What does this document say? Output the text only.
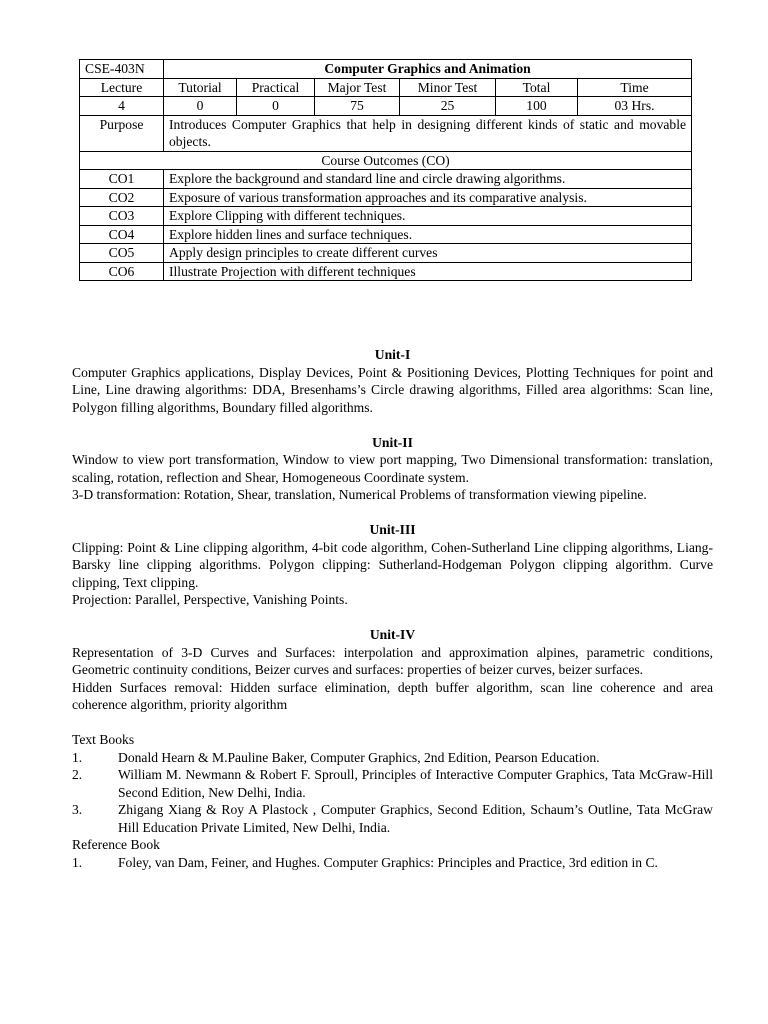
CSE-403N	Computer Graphics and Animation					
Lecture	Tutorial	Practical	Major Test	Minor Test	Total	Time
4	0	0	75	25	100	03 Hrs.
Purpose	Introduces Computer Graphics that help in designing different kinds of static and movable objects.					
Course Outcomes (CO)						
CO1	Explore the background and standard line and circle drawing algorithms.					
CO2	Exposure of various transformation approaches and its comparative analysis.					
CO3	Explore Clipping with different techniques.					
CO4	Explore hidden lines and surface techniques.					
CO5	Apply design principles to create different curves					
CO6	Illustrate Projection with different techniques					

Unit-I

Computer Graphics applications, Display Devices, Point & Positioning Devices, Plotting Techniques for point and Line, Line drawing algorithms: DDA, Bresenhams’s Circle drawing algorithms, Filled area algorithms: Scan line, Polygon filling algorithms, Boundary filled algorithms.

Unit-II

Window to view port transformation, Window to view port mapping, Two Dimensional transformation: translation, scaling, rotation, reflection and Shear, Homogeneous Coordinate system.

3-D transformation: Rotation, Shear, translation, Numerical Problems of transformation viewing pipeline.

Unit-III

Clipping: Point & Line clipping algorithm, 4-bit code algorithm, Cohen-Sutherland Line clipping algorithms, Liang-Barsky line clipping algorithms. Polygon clipping: Sutherland-Hodgeman Polygon clipping algorithm. Curve clipping, Text clipping.

Projection: Parallel, Perspective, Vanishing Points.

Unit-IV

Representation of 3-D Curves and Surfaces: interpolation and approximation alpines, parametric conditions, Geometric continuity conditions, Beizer curves and surfaces: properties of beizer curves, beizer surfaces.

Hidden Surfaces removal: Hidden surface elimination, depth buffer algorithm, scan line coherence and area coherence algorithm, priority algorithm

Text Books

1.	Donald Hearn & M.Pauline Baker, Computer Graphics, 2nd Edition, Pearson Education.
2.	William M. Newmann & Robert F. Sproull, Principles of Interactive Computer Graphics, Tata McGraw-Hill Second Edition, New Delhi, India.
3.	Zhigang Xiang & Roy A Plastock , Computer Graphics, Second Edition, Schaum’s Outline, Tata McGraw Hill Education Private Limited, New Delhi, India.

Reference Book

1.	Foley, van Dam, Feiner, and Hughes. Computer Graphics: Principles and Practice, 3rd edition in C.
